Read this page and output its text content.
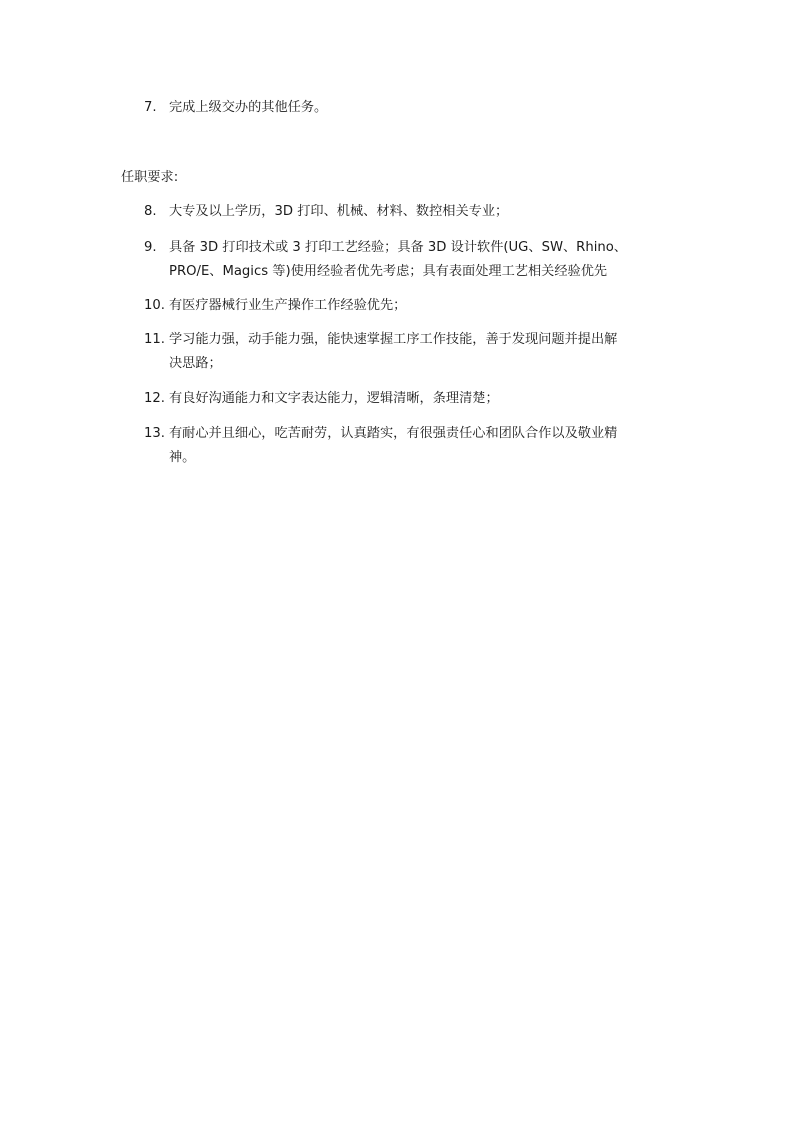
7. 完成上级交办的其他任务。
任职要求:
8. 大专及以上学历，3D 打印、机械、材料、数控相关专业；
9. 具备 3D 打印技术或 3 打印工艺经验；具备 3D 设计软件(UG、SW、Rhino、
PRO/E、Magics 等)使用经验者优先考虑；具有表面处理工艺相关经验优先
10. 有医疗器械行业生产操作工作经验优先；
11. 学习能力强，动手能力强，能快速掌握工序工作技能，善于发现问题并提出解
决思路；
12. 有良好沟通能力和文字表达能力，逻辑清晰，条理清楚；
13. 有耐心并且细心，吃苦耐劳，认真踏实，有很强责任心和团队合作以及敬业精
神。
